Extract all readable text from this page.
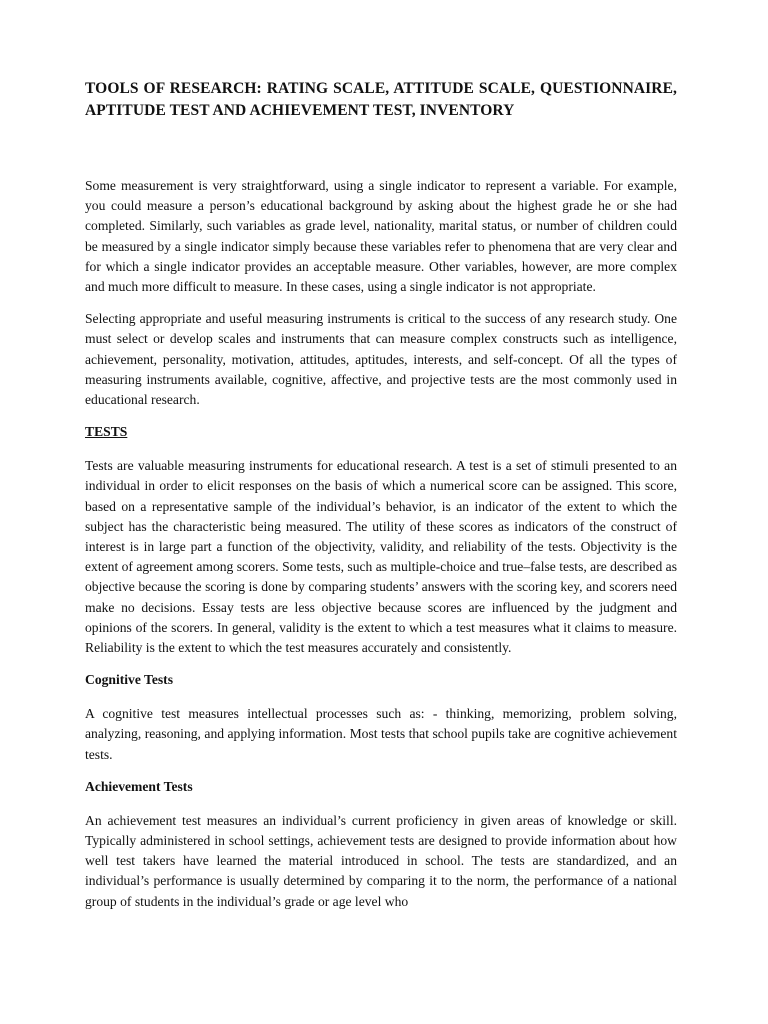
TOOLS OF RESEARCH: RATING SCALE, ATTITUDE SCALE, QUESTIONNAIRE, APTITUDE TEST AND ACHIEVEMENT TEST, INVENTORY

Some measurement is very straightforward, using a single indicator to represent a variable. For example, you could measure a person’s educational background by asking about the highest grade he or she had completed. Similarly, such variables as grade level, nationality, marital status, or number of children could be measured by a single indicator simply because these variables refer to phenomena that are very clear and for which a single indicator provides an acceptable measure. Other variables, however, are more complex and much more difficult to measure. In these cases, using a single indicator is not appropriate.

Selecting appropriate and useful measuring instruments is critical to the success of any research study. One must select or develop scales and instruments that can measure complex constructs such as intelligence, achievement, personality, motivation, attitudes, aptitudes, interests, and self-concept. Of all the types of measuring instruments available, cognitive, affective, and projective tests are the most commonly used in educational research.

TESTS

Tests are valuable measuring instruments for educational research. A test is a set of stimuli presented to an individual in order to elicit responses on the basis of which a numerical score can be assigned. This score, based on a representative sample of the individual’s behavior, is an indicator of the extent to which the subject has the characteristic being measured. The utility of these scores as indicators of the construct of interest is in large part a function of the objectivity, validity, and reliability of the tests. Objectivity is the extent of agreement among scorers. Some tests, such as multiple-choice and true–false tests, are described as objective because the scoring is done by comparing students’ answers with the scoring key, and scorers need make no decisions. Essay tests are less objective because scores are influenced by the judgment and opinions of the scorers. In general, validity is the extent to which a test measures what it claims to measure. Reliability is the extent to which the test measures accurately and consistently.

Cognitive Tests

A cognitive test measures intellectual processes such as: - thinking, memorizing, problem solving, analyzing, reasoning, and applying information. Most tests that school pupils take are cognitive achievement tests.

Achievement Tests

An achievement test measures an individual’s current proficiency in given areas of knowledge or skill. Typically administered in school settings, achievement tests are designed to provide information about how well test takers have learned the material introduced in school. The tests are standardized, and an individual’s performance is usually determined by comparing it to the norm, the performance of a national group of students in the individual’s grade or age level who
